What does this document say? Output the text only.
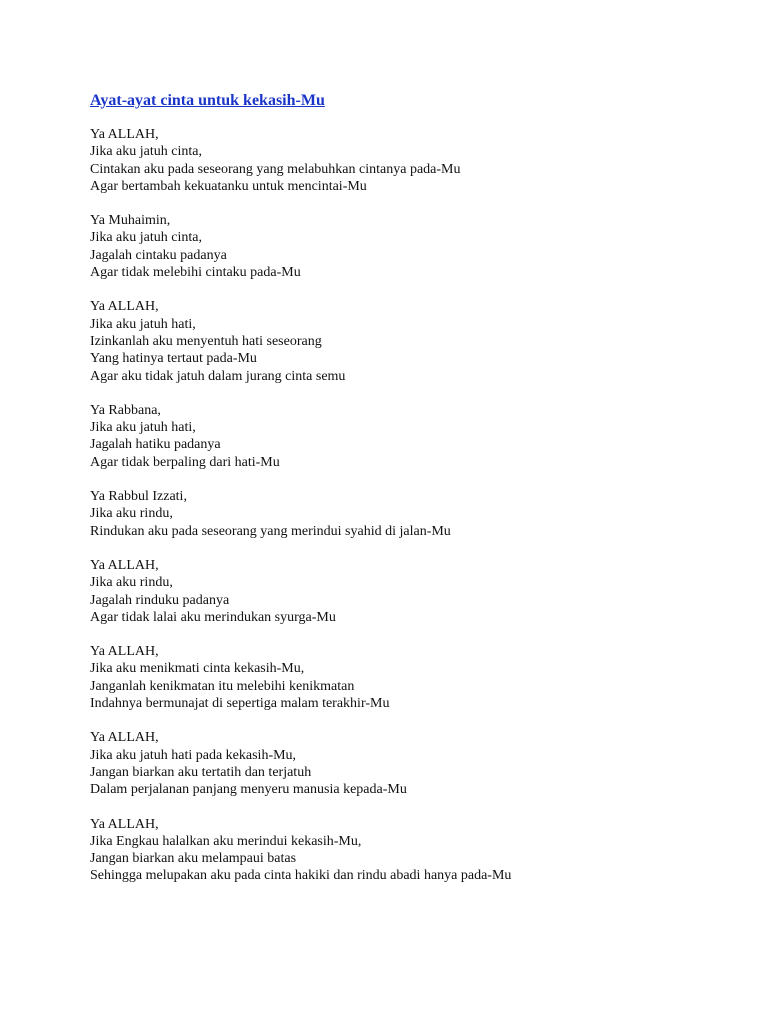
Ayat-ayat cinta untuk kekasih-Mu
Ya ALLAH,
Jika aku jatuh cinta,
Cintakan aku pada seseorang yang melabuhkan cintanya pada-Mu
Agar bertambah kekuatanku untuk mencintai-Mu
Ya Muhaimin,
Jika aku jatuh cinta,
Jagalah cintaku padanya
Agar tidak melebihi cintaku pada-Mu
Ya ALLAH,
Jika aku jatuh hati,
Izinkanlah aku menyentuh hati seseorang
Yang hatinya tertaut pada-Mu
Agar aku tidak jatuh dalam jurang cinta semu
Ya Rabbana,
Jika aku jatuh hati,
Jagalah hatiku padanya
Agar tidak berpaling dari hati-Mu
Ya Rabbul Izzati,
Jika aku rindu,
Rindukan aku pada seseorang yang merindui syahid di jalan-Mu
Ya ALLAH,
Jika aku rindu,
Jagalah rinduku padanya
Agar tidak lalai aku merindukan syurga-Mu
Ya ALLAH,
Jika aku menikmati cinta kekasih-Mu,
Janganlah kenikmatan itu melebihi kenikmatan
Indahnya bermunajat di sepertiga malam terakhir-Mu
Ya ALLAH,
Jika aku jatuh hati pada kekasih-Mu,
Jangan biarkan aku tertatih dan terjatuh
Dalam perjalanan panjang menyeru manusia kepada-Mu
Ya ALLAH,
Jika Engkau halalkan aku merindui kekasih-Mu,
Jangan biarkan aku melampaui batas
Sehingga melupakan aku pada cinta hakiki dan rindu abadi hanya pada-Mu
